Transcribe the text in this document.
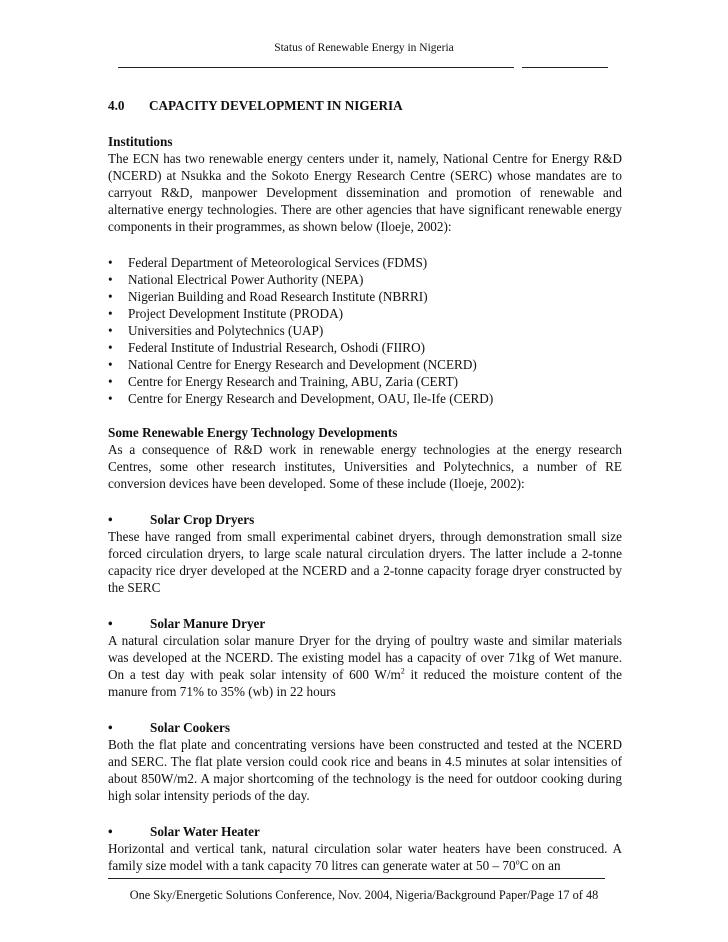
Status of Renewable Energy in Nigeria
4.0 CAPACITY DEVELOPMENT IN NIGERIA
Institutions

The ECN has two renewable energy centers under it, namely, National Centre for Energy R&D (NCERD) at Nsukka and the Sokoto Energy Research Centre (SERC) whose mandates are to carryout R&D, manpower Development dissemination and promotion of renewable and alternative energy technologies. There are other agencies that have significant renewable energy components in their programmes, as shown below (Iloeje, 2002):

• Federal Department of Meteorological Services (FDMS)
• National Electrical Power Authority (NEPA)
• Nigerian Building and Road Research Institute (NBRRI)
• Project Development Institute (PRODA)
• Universities and Polytechnics (UAP)
• Federal Institute of Industrial Research, Oshodi (FIIRO)
• National Centre for Energy Research and Development (NCERD)
• Centre for Energy Research and Training, ABU, Zaria (CERT)
• Centre for Energy Research and Development, OAU, Ile-Ife (CERD)
Some Renewable Energy Technology Developments

As a consequence of R&D work in renewable energy technologies at the energy research Centres, some other research institutes, Universities and Polytechnics, a number of RE conversion devices have been developed. Some of these include (Iloeje, 2002):

•	Solar Crop Dryers

These have ranged from small experimental cabinet dryers, through demonstration small size forced circulation dryers, to large scale natural circulation dryers. The latter include a 2-tonne capacity rice dryer developed at the NCERD and a 2-tonne capacity forage dryer constructed by the SERC

•	Solar Manure Dryer

A natural circulation solar manure Dryer for the drying of poultry waste and similar materials was developed at the NCERD. The existing model has a capacity of over 71kg of Wet manure. On a test day with peak solar intensity of 600 $W/m^2$ it reduced the moisture content of the manure from 71% to 35% (wb) in 22 hours

•	Solar Cookers

Both the flat plate and concentrating versions have been constructed and tested at the NCERD and SERC. The flat plate version could cook rice and beans in 4.5 minutes at solar intensities of about 850W/m2. A major shortcoming of the technology is the need for outdoor cooking during high solar intensity periods of the day.

•	Solar Water Heater

Horizontal and vertical tank, natural circulation solar water heaters have been construced. A family size model with a tank capacity 70 litres can generate water at 50 – 70$^o$C on an

One Sky/Energetic Solutions Conference, Nov. 2004, Nigeria/Background Paper/Page 17 of 48
